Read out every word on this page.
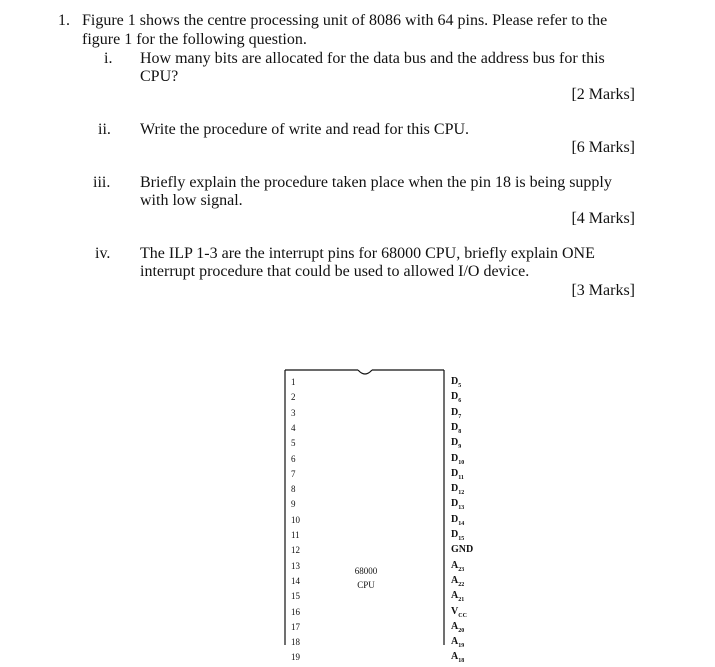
1. Figure 1 shows the centre processing unit of 8086 with 64 pins. Please refer to the
figure 1 for the following question.
i. How many bits are allocated for the data bus and the address bus for this
CPU?
[2 Marks]
ii. Write the procedure of write and read for this CPU.
[6 Marks]
iii. Briefly explain the procedure taken place when the pin 18 is being supply
with low signal.
[4 Marks]
iv. The ILP 1-3 are the interrupt pins for 68000 CPU, briefly explain ONE
interrupt procedure that could be used to allowed I/O device.
[3 Marks]
68000
CPU
1
2
3
4
5
6
7
8
9
10
11
12
13
14
15
16
17
18
19
$D_5$
$D_6$
$D_7$
$D_8$
$D_9$
$D_{10}$
$D_{11}$
$D_{12}$
$D_{13}$
$D_{14}$
$D_{15}$
GND
$A_{23}$
$A_{22}$
$A_{21}$
$V_{CC}$
$A_{20}$
$A_{19}$
$A_{18}$
